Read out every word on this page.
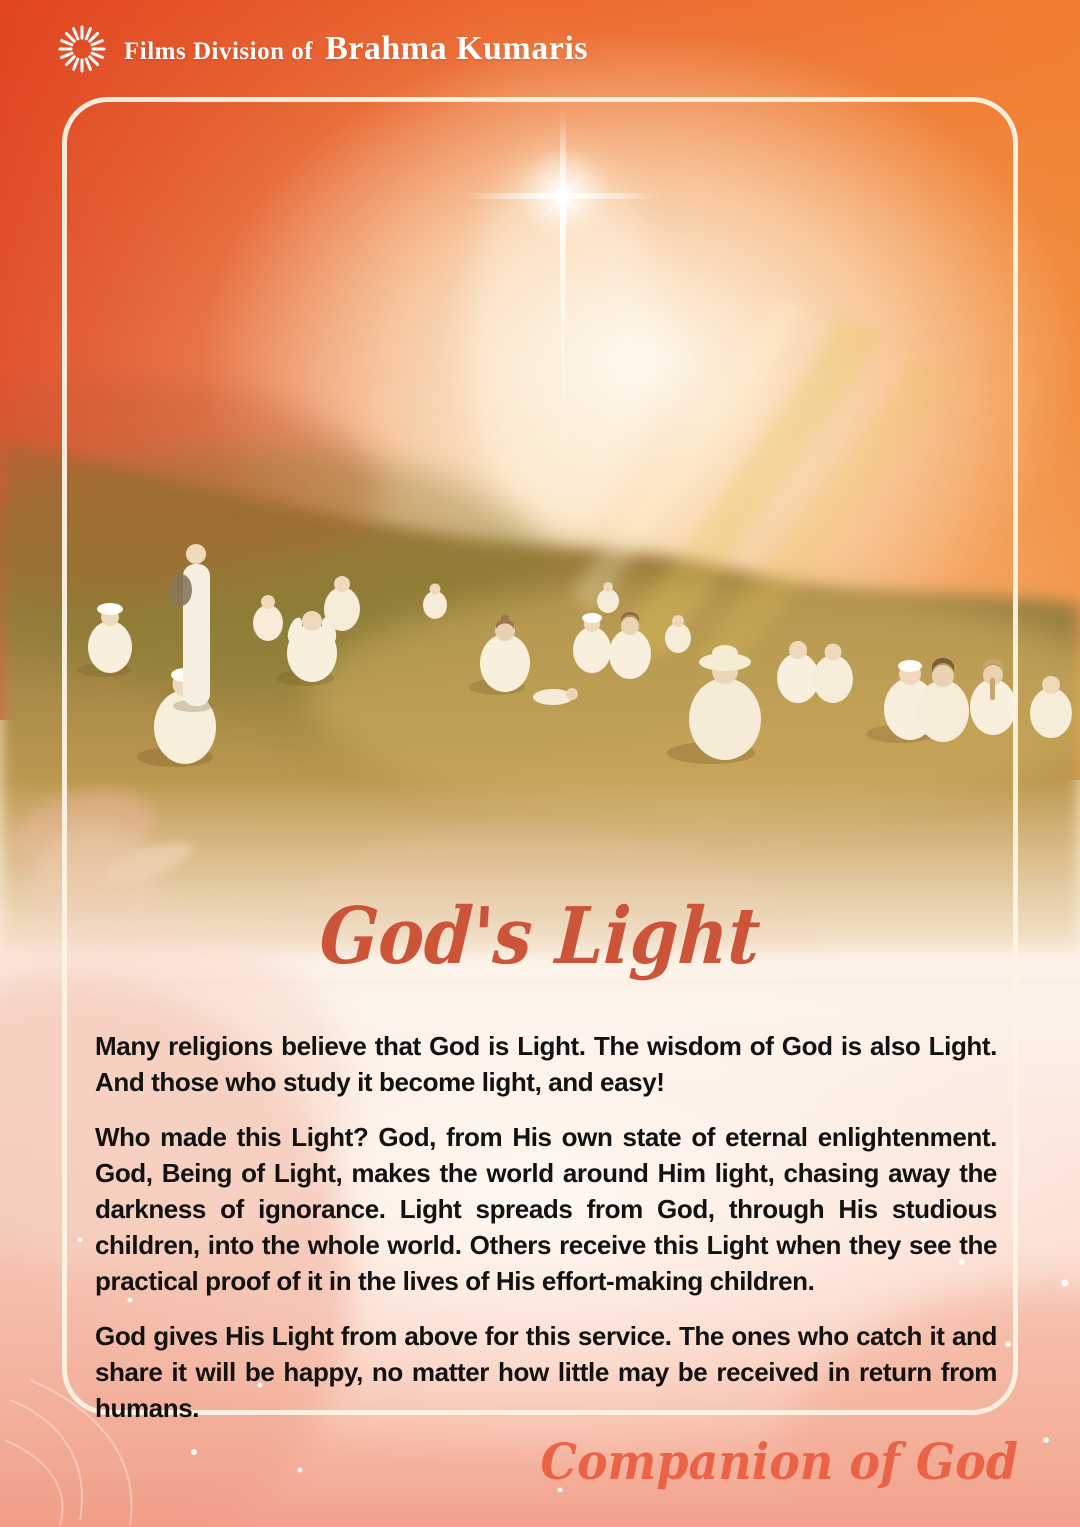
Films Division of Brahma Kumaris
God's Light

Many religions believe that God is Light. The wisdom of God is also Light. And those who study it become light, and easy!

Who made this Light? God, from His own state of eternal enlightenment. God, Being of Light, makes the world around Him light, chasing away the darkness of ignorance. Light spreads from God, through His studious children, into the whole world. Others receive this Light when they see the practical proof of it in the lives of His effort-making children.

God gives His Light from above for this service. The ones who catch it and share it will be happy, no matter how little may be received in return from humans.

Companion of God
